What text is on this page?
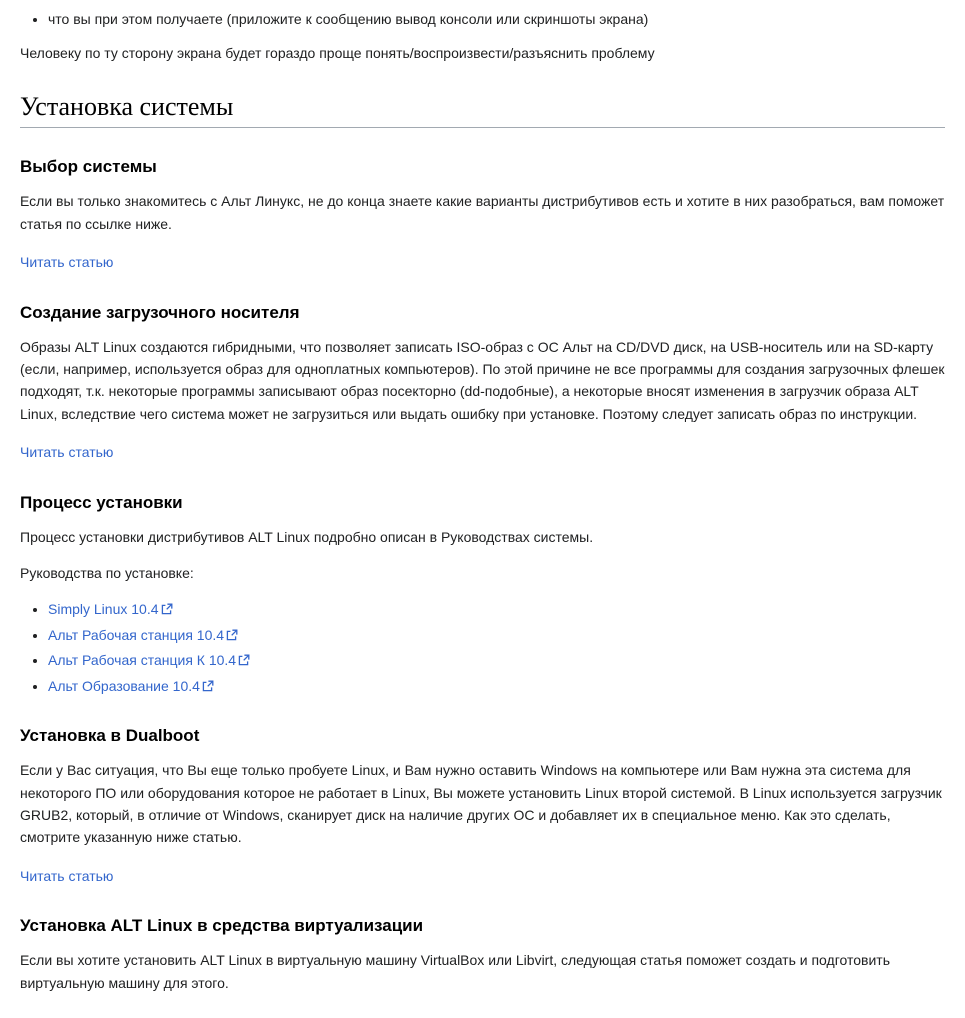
• что вы при этом получаете (приложите к сообщению вывод консоли или скриншоты экрана)

Человеку по ту сторону экрана будет гораздо проще понять/воспроизвести/разъяснить проблему

Установка системы
Выбор системы

Если вы только знакомитесь с Альт Линукс, не до конца знаете какие варианты дистрибутивов есть и хотите в них разобраться, вам поможет статья по ссылке ниже.

Читать статью

Создание загрузочного носителя

Образы ALT Linux создаются гибридными, что позволяет записать ISO-образ с ОС Альт на CD/DVD диск, на USB-носитель или на SD-карту (если, например, используется образ для одноплатных компьютеров). По этой причине не все программы для создания загрузочных флешек подходят, т.к. некоторые программы записывают образ посекторно (dd-подобные), а некоторые вносят изменения в загрузчик образа ALT Linux, вследствие чего система может не загрузиться или выдать ошибку при установке. Поэтому следует записать образ по инструкции.

Читать статью

Процесс установки

Процесс установки дистрибутивов ALT Linux подробно описан в Руководствах системы.

Руководства по установке:

• Simply Linux 10.4
• Альт Рабочая станция 10.4
• Альт Рабочая станция К 10.4
• Альт Образование 10.4
Установка в Dualboot

Если у Вас ситуация, что Вы еще только пробуете Linux, и Вам нужно оставить Windows на компьютере или Вам нужна эта система для некоторого ПО или оборудования которое не работает в Linux, Вы можете установить Linux второй системой. В Linux используется загрузчик GRUB2, который, в отличие от Windows, сканирует диск на наличие других ОС и добавляет их в специальное меню. Как это сделать, смотрите указанную ниже статью.

Читать статью

Установка ALT Linux в средства виртуализации

Если вы хотите установить ALT Linux в виртуальную машину VirtualBox или Libvirt, следующая статья поможет создать и подготовить виртуальную машину для этого.
